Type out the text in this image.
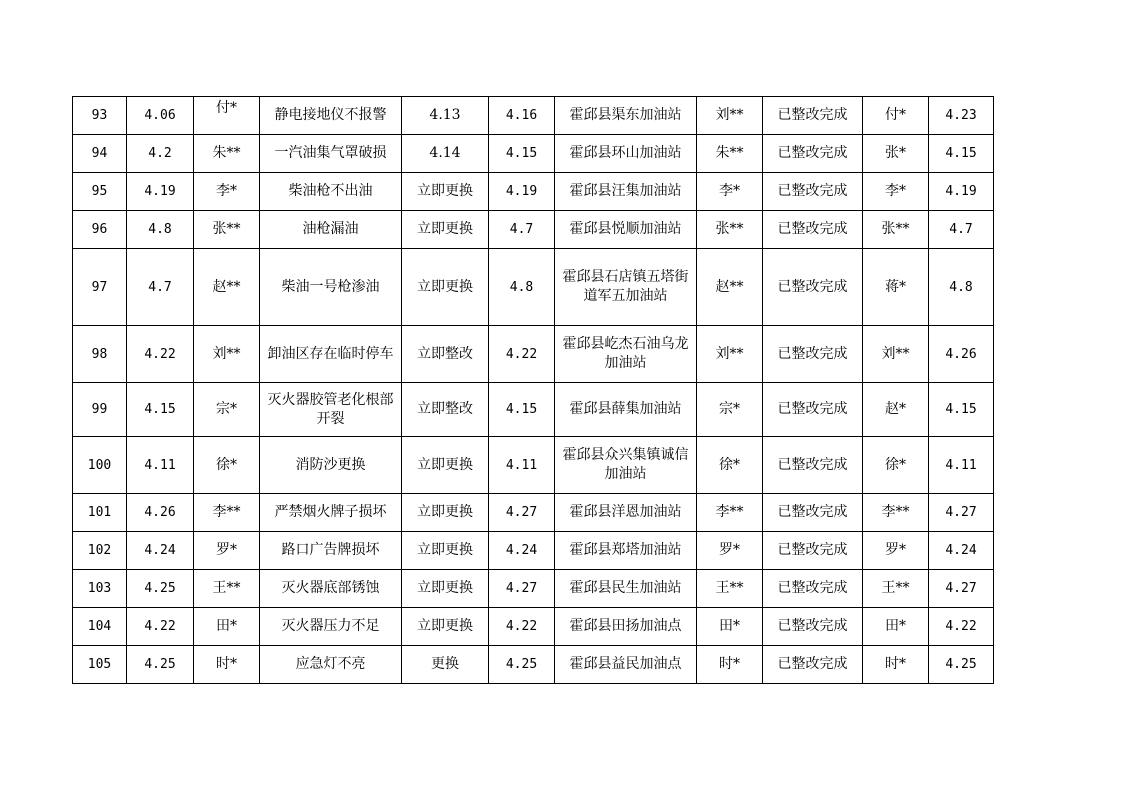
93	4.06	付*	静电接地仪不报警	4.13	4.16	霍邱县渠东加油站	刘**	已整改完成	付*	4.23
94	4.2	朱**	一汽油集气罩破损	4.14	4.15	霍邱县环山加油站	朱**	已整改完成	张*	4.15
95	4.19	李*	柴油枪不出油	立即更换	4.19	霍邱县汪集加油站	李*	已整改完成	李*	4.19
96	4.8	张**	油枪漏油	立即更换	4.7	霍邱县悦顺加油站	张**	已整改完成	张**	4.7
97	4.7	赵**	柴油一号枪渗油	立即更换	4.8	霍邱县石店镇五塔街道军五加油站	赵**	已整改完成	蒋*	4.8
98	4.22	刘**	卸油区存在临时停车	立即整改	4.22	霍邱县屹杰石油乌龙加油站	刘**	已整改完成	刘**	4.26
99	4.15	宗*	灭火器胶管老化根部开裂	立即整改	4.15	霍邱县薛集加油站	宗*	已整改完成	赵*	4.15
100	4.11	徐*	消防沙更换	立即更换	4.11	霍邱县众兴集镇诚信加油站	徐*	已整改完成	徐*	4.11
101	4.26	李**	严禁烟火牌子损坏	立即更换	4.27	霍邱县洋恩加油站	李**	已整改完成	李**	4.27
102	4.24	罗*	路口广告牌损坏	立即更换	4.24	霍邱县郑塔加油站	罗*	已整改完成	罗*	4.24
103	4.25	王**	灭火器底部锈蚀	立即更换	4.27	霍邱县民生加油站	王**	已整改完成	王**	4.27
104	4.22	田*	灭火器压力不足	立即更换	4.22	霍邱县田扬加油点	田*	已整改完成	田*	4.22
105	4.25	时*	应急灯不亮	更换	4.25	霍邱县益民加油点	时*	已整改完成	时*	4.25
